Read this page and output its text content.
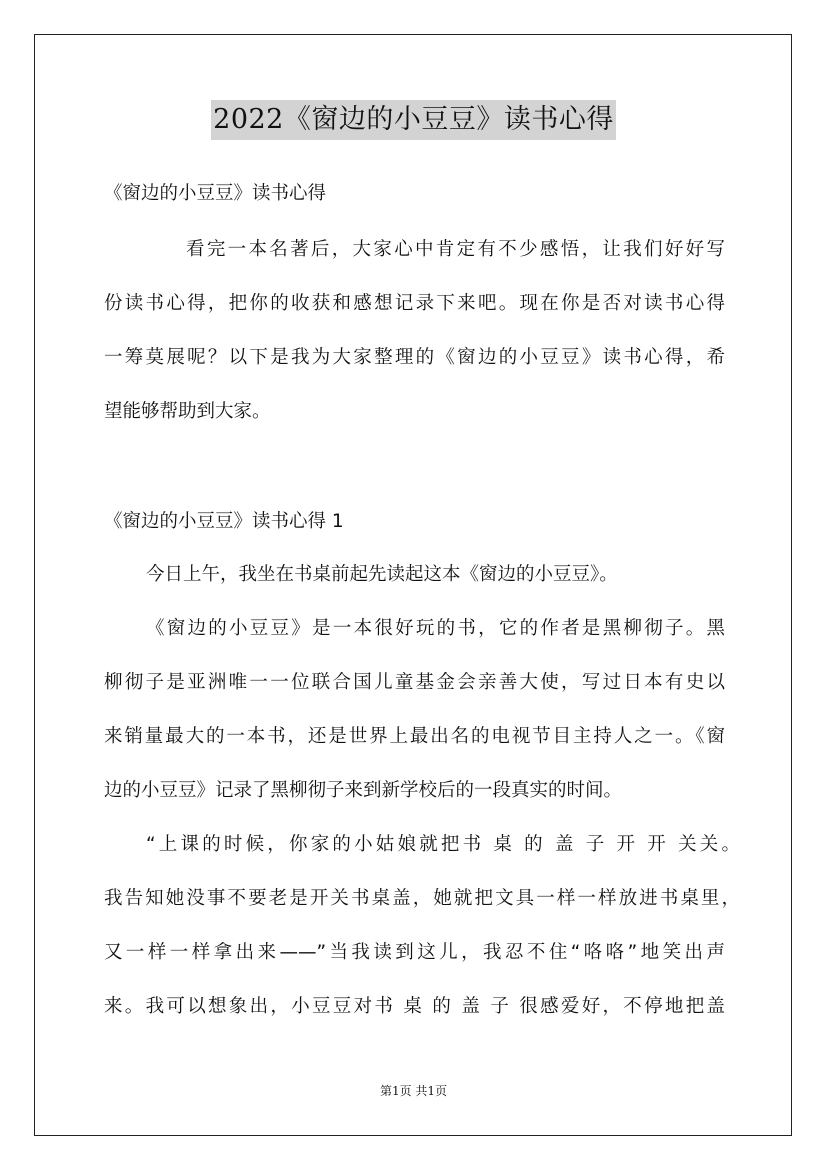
2022《窗边的小豆豆》读书心得
《窗边的小豆豆》读书心得
看完一本名著后，大家心中肯定有不少感悟，让我们好好写
份读书心得，把你的收获和感想记录下来吧。现在你是否对读书心得
一筹莫展呢？以下是我为大家整理的《窗边的小豆豆》读书心得，希
望能够帮助到大家。
《窗边的小豆豆》读书心得 1
今日上午，我坐在书桌前起先读起这本《窗边的小豆豆》。
《窗边的小豆豆》是一本很好玩的书，它的作者是黑柳彻子。黑
柳彻子是亚洲唯一一位联合国儿童基金会亲善大使，写过日本有史以
来销量最大的一本书，还是世界上最出名的电视节目主持人之一。《窗
边的小豆豆》记录了黑柳彻子来到新学校后的一段真实的时间。
“上课的时候，你家的小姑娘就把书 桌 的 盖 子 开 开 关关。
我告知她没事不要老是开关书桌盖，她就把文具一样一样放进书桌里，
又一样一样拿出来——”当我读到这儿，我忍不住“咯咯”地笑出声
来。我可以想象出，小豆豆对书 桌 的 盖 子 很感爱好，不停地把盖
第1页 共1页
